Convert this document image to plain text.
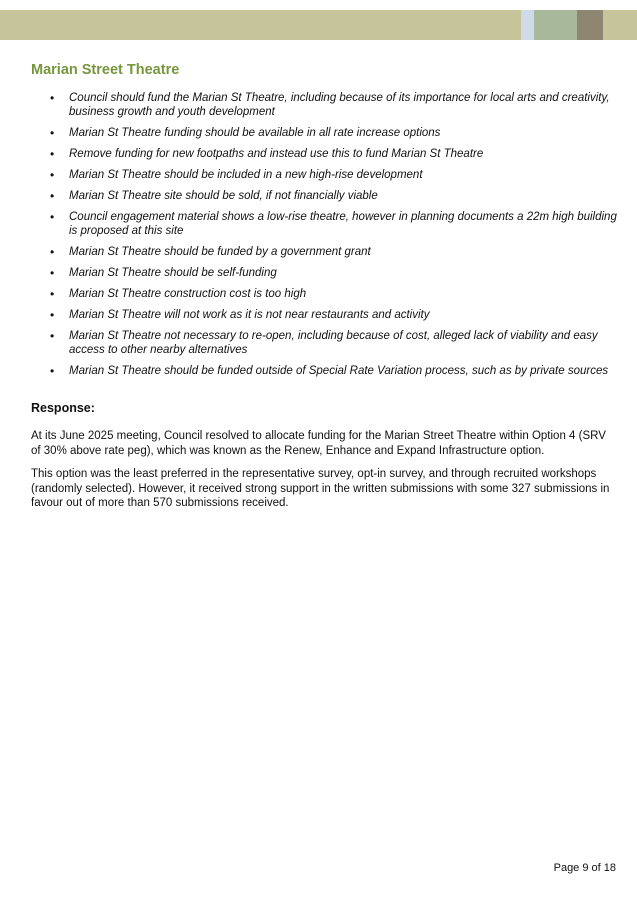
Marian Street Theatre
• Council should fund the Marian St Theatre, including because of its importance for local arts and creativity, business growth and youth development
• Marian St Theatre funding should be available in all rate increase options
• Remove funding for new footpaths and instead use this to fund Marian St Theatre
• Marian St Theatre should be included in a new high-rise development
• Marian St Theatre site should be sold, if not financially viable
• Council engagement material shows a low-rise theatre, however in planning documents a 22m high building is proposed at this site
• Marian St Theatre should be funded by a government grant
• Marian St Theatre should be self-funding
• Marian St Theatre construction cost is too high
• Marian St Theatre will not work as it is not near restaurants and activity
• Marian St Theatre not necessary to re-open, including because of cost, alleged lack of viability and easy access to other nearby alternatives
• Marian St Theatre should be funded outside of Special Rate Variation process, such as by private sources
Response:

At its June 2025 meeting, Council resolved to allocate funding for the Marian Street Theatre within Option 4 (SRV of 30% above rate peg), which was known as the Renew, Enhance and Expand Infrastructure option.

This option was the least preferred in the representative survey, opt-in survey, and through recruited workshops (randomly selected). However, it received strong support in the written submissions with some 327 submissions in favour out of more than 570 submissions received.

Page 9 of 18
